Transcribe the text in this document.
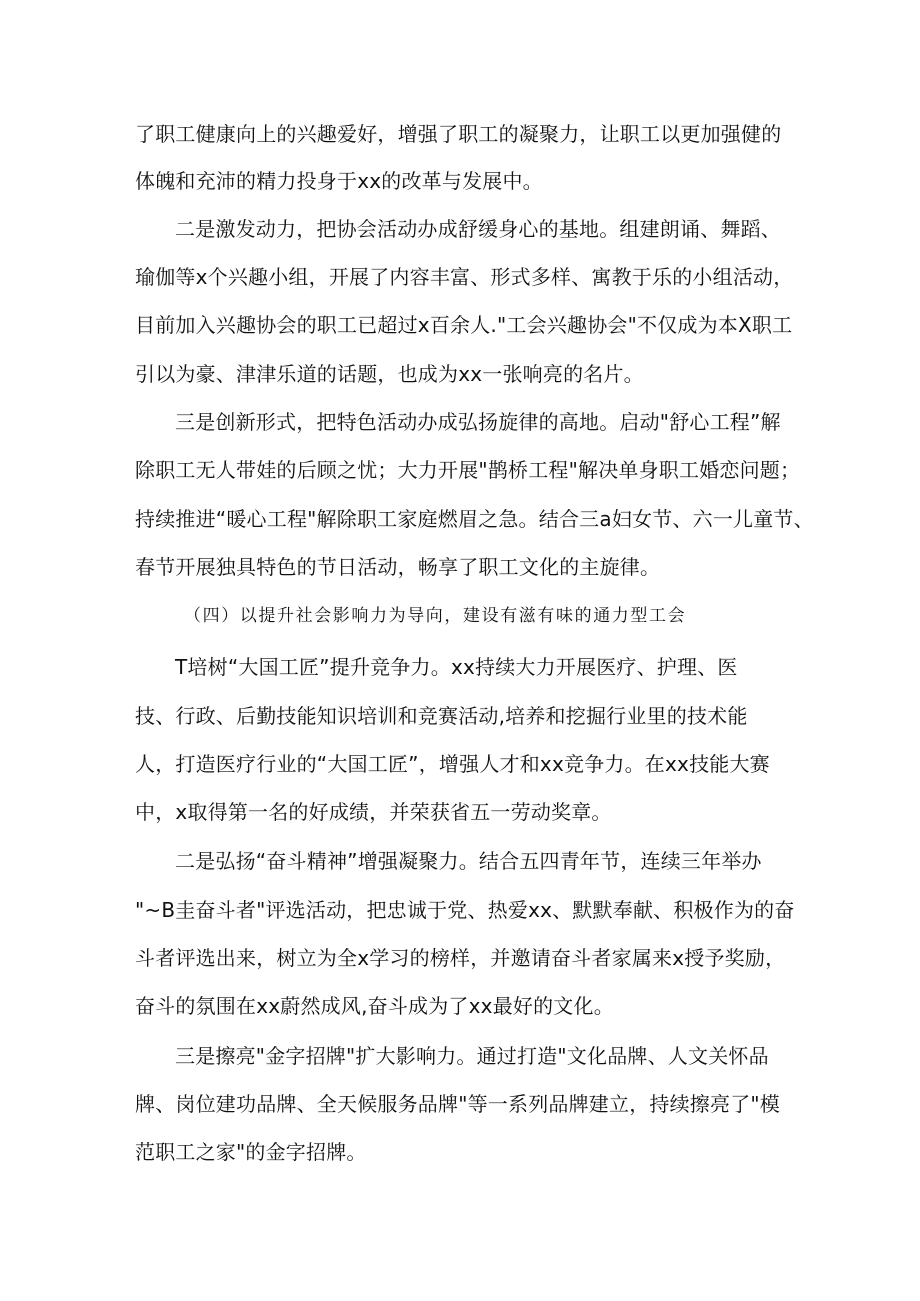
了职工健康向上的兴趣爱好，增强了职工的凝聚力，让职工以更加强健的
体魄和充沛的精力投身于xx的改革与发展中。
二是激发动力，把协会活动办成舒缓身心的基地。组建朗诵、舞蹈、
瑜伽等x个兴趣小组，开展了内容丰富、形式多样、寓教于乐的小组活动，
目前加入兴趣协会的职工已超过x百余人."工会兴趣协会"不仅成为本X职工
引以为豪、津津乐道的话题，也成为xx一张响亮的名片。
三是创新形式，把特色活动办成弘扬旋律的高地。启动"舒心工程”解
除职工无人带娃的后顾之忧；大力开展"鹊桥工程"解决单身职工婚恋问题；
持续推进“暖心工程"解除职工家庭燃眉之急。结合三a妇女节、六一儿童节、
春节开展独具特色的节日活动，畅享了职工文化的主旋律。
（四）以提升社会影响力为导向，建设有滋有味的通力型工会
T培树“大国工匠”提升竞争力。xx持续大力开展医疗、护理、医
技、行政、后勤技能知识培训和竞赛活动,培养和挖掘行业里的技术能
人，打造医疗行业的“大国工匠”，增强人才和xx竞争力。在xx技能大赛
中，x取得第一名的好成绩，并荣获省五一劳动奖章。
二是弘扬“奋斗精神”增强凝聚力。结合五四青年节，连续三年举办
"~B圭奋斗者"评选活动，把忠诚于党、热爱xx、默默奉献、积极作为的奋
斗者评选出来，树立为全x学习的榜样，并邀请奋斗者家属来x授予奖励，
奋斗的氛围在xx蔚然成风,奋斗成为了xx最好的文化。
三是擦亮"金字招牌"扩大影响力。通过打造"文化品牌、人文关怀品
牌、岗位建功品牌、全天候服务品牌"等一系列品牌建立，持续擦亮了"模
范职工之家"的金字招牌。
